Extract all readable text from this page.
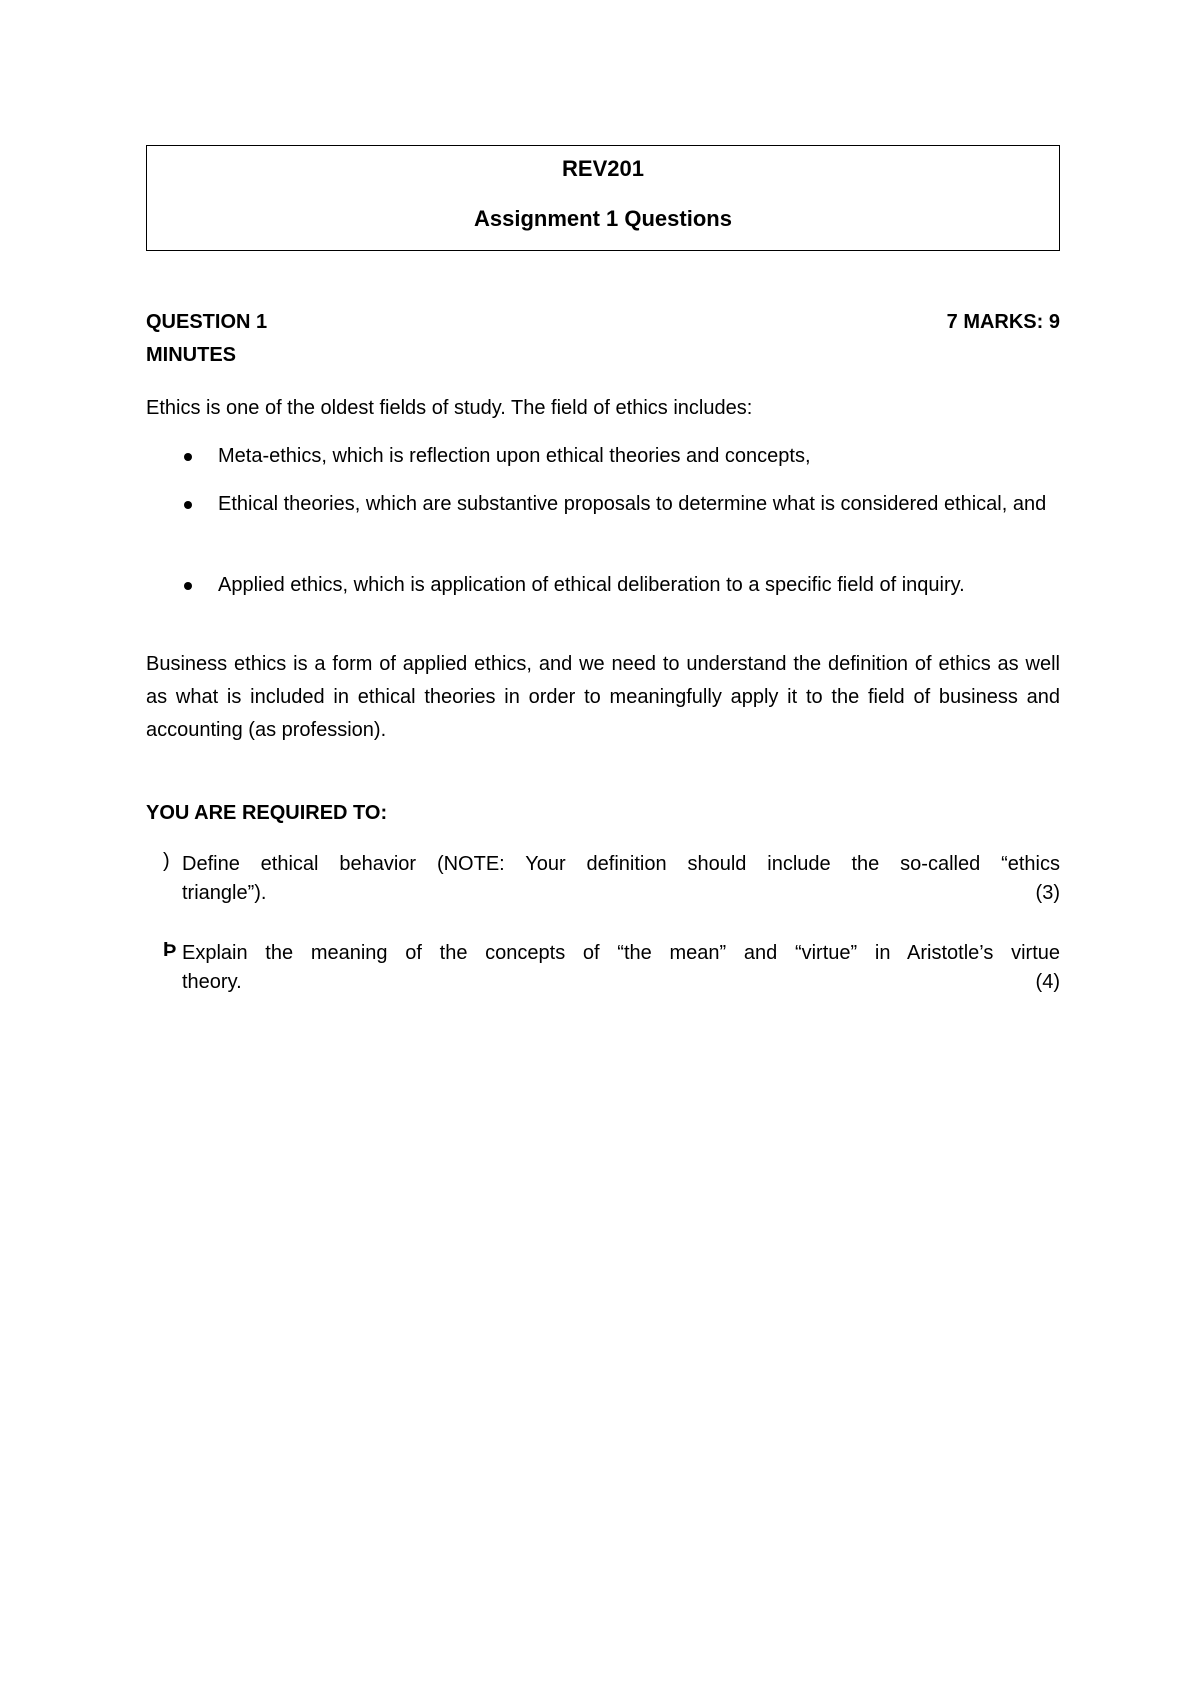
REV201
Assignment 1 Questions
QUESTION 1	7 MARKS: 9
MINUTES
Ethics is one of the oldest fields of study. The field of ethics includes:
Meta-ethics, which is reflection upon ethical theories and concepts,
Ethical theories, which are substantive proposals to determine what is considered ethical, and
Applied ethics, which is application of ethical deliberation to a specific field of inquiry.
Business ethics is a form of applied ethics, and we need to understand the definition of ethics as well as what is included in ethical theories in order to meaningfully apply it to the field of business and accounting (as profession).
YOU ARE REQUIRED TO:
) Define ethical behavior (NOTE: Your definition should include the so-called “ethics
triangle”).	(3)
Þ Explain the meaning of the concepts of “the mean” and “virtue” in Aristotle’s virtue
theory.	(4)
